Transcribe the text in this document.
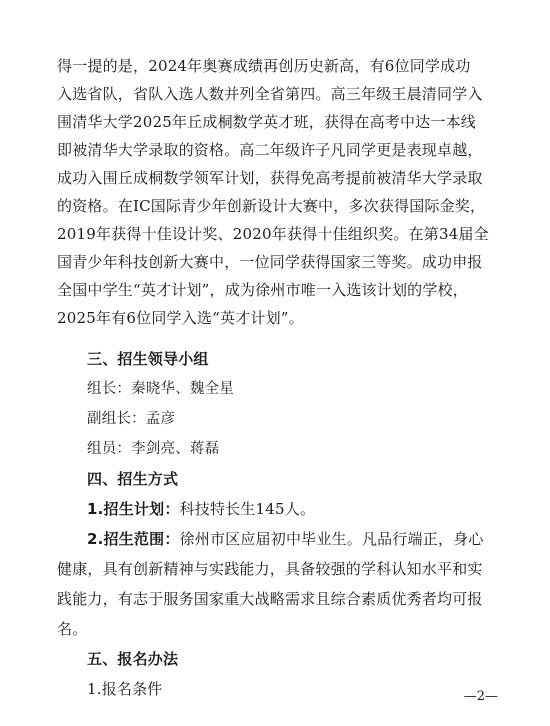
得一提的是，2024年奥赛成绩再创历史新高，有6位同学成功
入选省队，省队入选人数并列全省第四。高三年级王晨清同学入
围清华大学2025年丘成桐数学英才班，获得在高考中达一本线
即被清华大学录取的资格。高二年级许子凡同学更是表现卓越，
成功入围丘成桐数学领军计划，获得免高考提前被清华大学录取
的资格。在IC国际青少年创新设计大赛中，多次获得国际金奖，
2019年获得十佳设计奖、2020年获得十佳组织奖。在第34届全
国青少年科技创新大赛中，一位同学获得国家三等奖。成功申报
全国中学生“英才计划”，成为徐州市唯一入选该计划的学校，
2025年有6位同学入选“英才计划”。
三、招生领导小组
组长：秦晓华、魏全星
副组长：孟彦
组员：李剑亮、蒋磊
四、招生方式
1.招生计划：科技特长生145人。
2.招生范围：徐州市区应届初中毕业生。凡品行端正，身心
健康，具有创新精神与实践能力，具备较强的学科认知水平和实
践能力，有志于服务国家重大战略需求且综合素质优秀者均可报
—2—
名。
五、报名办法
1.报名条件
